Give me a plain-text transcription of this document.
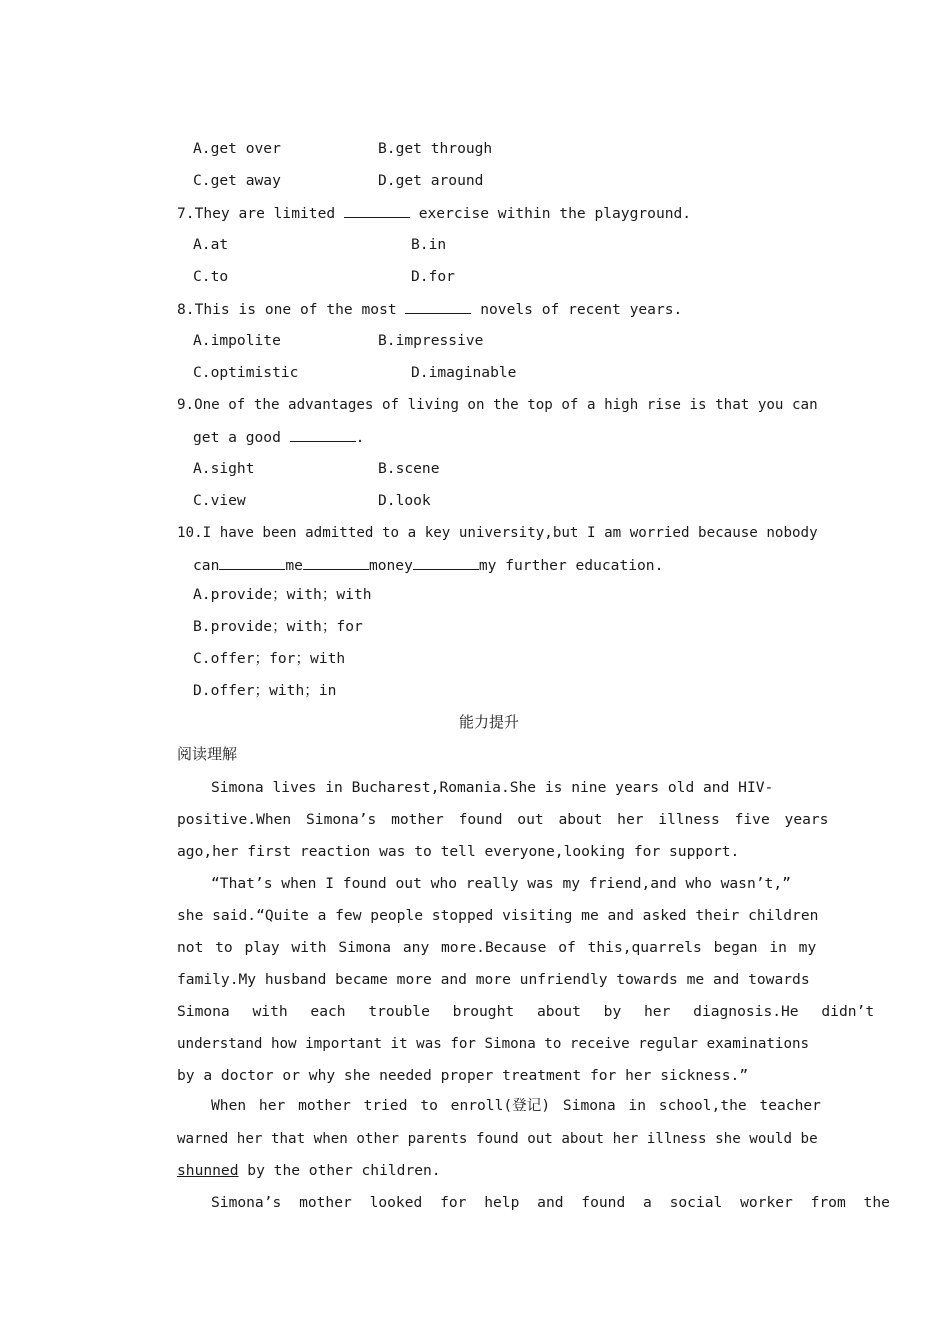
A.get over	B.get through
C.get away	D.get around
7.They are limited	exercise within the playground.
A.at	B.in
C.to	D.for
8.This is one of the most	novels of recent years.
A.impolite	B.impressive
C.optimistic	D.imaginable
9.One of the advantages of living on the top of a high rise is that you can
get a good	.
A.sight	B.scene
C.view	D.look
10.I have been admitted to a key university,but I am worried because nobody
can	me	money	my further education.
A.provide；with；with
B.provide；with；for
C.offer；for；with
D.offer；with；in
能力提升
阅读理解
Simona lives in Bucharest,Romania.She is nine years old and HIV-
positive.When Simona’s mother found out about her illness five years
ago,her first reaction was to tell everyone,looking for support.
“That’s when I found out who really was my friend,and who wasn’t,”
she said.“Quite a few people stopped visiting me and asked their children
not to play with Simona any more.Because of this,quarrels began in my
family.My husband became more and more unfriendly towards me and towards
Simona with each trouble brought about by her diagnosis.He didn’t
understand how important it was for Simona to receive regular examinations
by a doctor or why she needed proper treatment for her sickness.”
When her mother tried to enroll(登记) Simona in school,the teacher
warned her that when other parents found out about her illness she would be
shunned by the other children.
Simona’s mother looked for help and found a social worker from the
